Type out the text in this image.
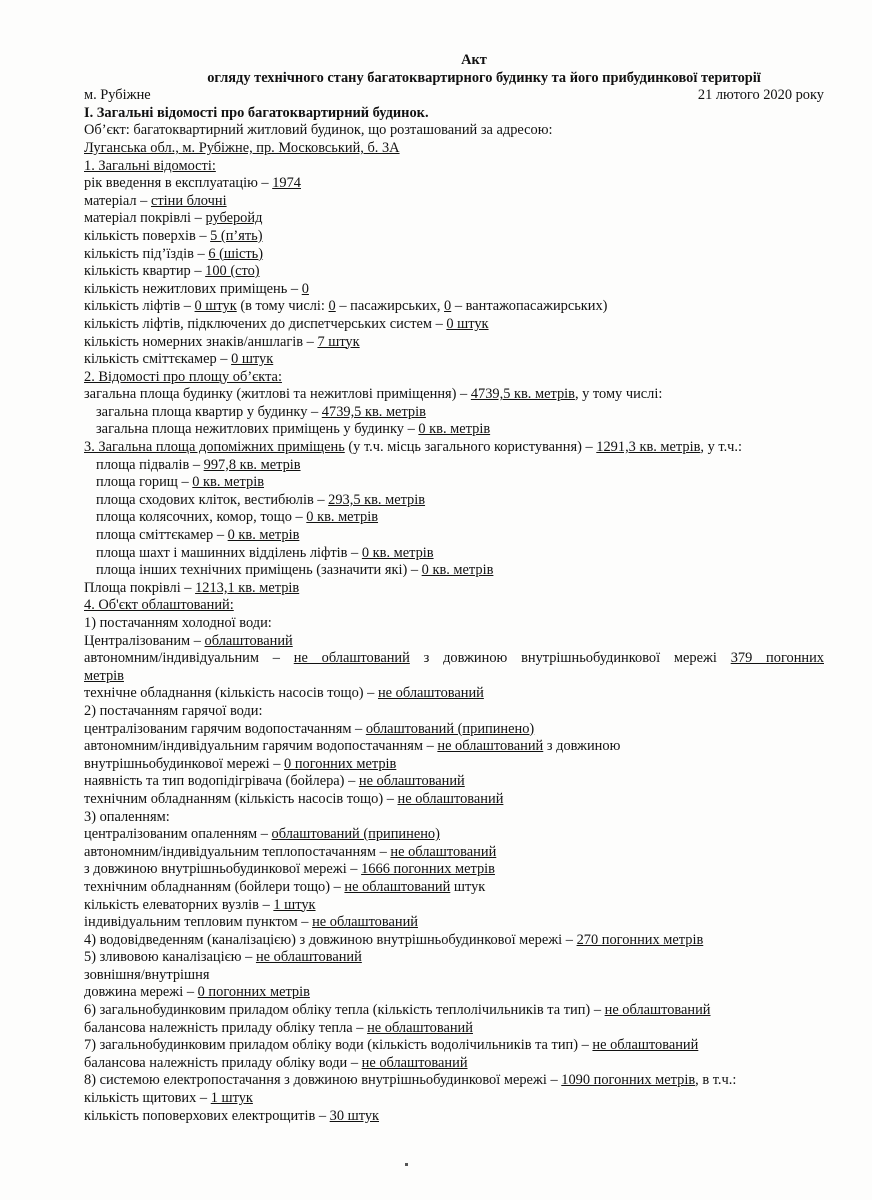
Акт
огляду технічного стану багатоквартирного будинку та його прибудинкової території
м. Рубіжне	21 лютого 2020 року
І. Загальні відомості про багатоквартирний будинок.
Об’єкт: багатоквартирний житловий будинок, що розташований за адресою:
Луганська обл., м. Рубіжне, пр. Московський, б. 3А
1. Загальні відомості:
рік введення в експлуатацію – 1974
матеріал – стіни блочні
матеріал покрівлі – руберойд
кількість поверхів – 5 (п’ять)
кількість під’їздів – 6 (шість)
кількість квартир – 100 (сто)
кількість нежитлових приміщень – 0
кількість ліфтів – 0 штук (в тому числі: 0 – пасажирських, 0 – вантажопасажирських)
кількість ліфтів, підключених до диспетчерських систем – 0 штук
кількість номерних знаків/аншлагів – 7 штук
кількість сміттєкамер – 0 штук
2. Відомості про площу об’єкта:
загальна площа будинку (житлові та нежитлові приміщення) – 4739,5 кв. метрів, у тому числі:
загальна площа квартир у будинку – 4739,5 кв. метрів
загальна площа нежитлових приміщень у будинку – 0 кв. метрів
3. Загальна площа допоміжних приміщень (у т.ч. місць загального користування) – 1291,3 кв. метрів, у т.ч.:
площа підвалів – 997,8 кв. метрів
площа горищ – 0 кв. метрів
площа сходових кліток, вестибюлів – 293,5 кв. метрів
площа колясочних, комор, тощо – 0 кв. метрів
площа сміттєкамер – 0 кв. метрів
площа шахт і машинних відділень ліфтів – 0 кв. метрів
площа інших технічних приміщень (зазначити які) – 0 кв. метрів
Площа покрівлі – 1213,1 кв. метрів
4. Об'єкт облаштований:
1) постачанням холодної води:
Централізованим – облаштований
автономним/індивідуальним – не облаштований з довжиною внутрішньобудинкової мережі 379 погонних
метрів
технічне обладнання (кількість насосів тощо) – не облаштований
2) постачанням гарячої води:
централізованим гарячим водопостачанням – облаштований (припинено)
автономним/індивідуальним гарячим водопостачанням – не облаштований з довжиною
внутрішньобудинкової мережі – 0 погонних метрів
наявність та тип водопідігрівача (бойлера) – не облаштований
технічним обладнанням (кількість насосів тощо) – не облаштований
3) опаленням:
централізованим опаленням – облаштований (припинено)
автономним/індивідуальним теплопостачанням – не облаштований
з довжиною внутрішньобудинкової мережі – 1666 погонних метрів
технічним обладнанням (бойлери тощо) – не облаштований штук
кількість елеваторних вузлів – 1 штук
індивідуальним тепловим пунктом – не облаштований
4) водовідведенням (каналізацією) з довжиною внутрішньобудинкової мережі – 270 погонних метрів
5) зливовою каналізацією – не облаштований
зовнішня/внутрішня
довжина мережі – 0 погонних метрів
6) загальнобудинковим приладом обліку тепла (кількість теплолічильників та тип) – не облаштований
балансова належність приладу обліку тепла – не облаштований
7) загальнобудинковим приладом обліку води (кількість водолічильників та тип) – не облаштований
балансова належність приладу обліку води – не облаштований
8) системою електропостачання з довжиною внутрішньобудинкової мережі – 1090 погонних метрів, в т.ч.:
кількість щитових – 1 штук
кількість поповерхових електрощитів – 30 штук
